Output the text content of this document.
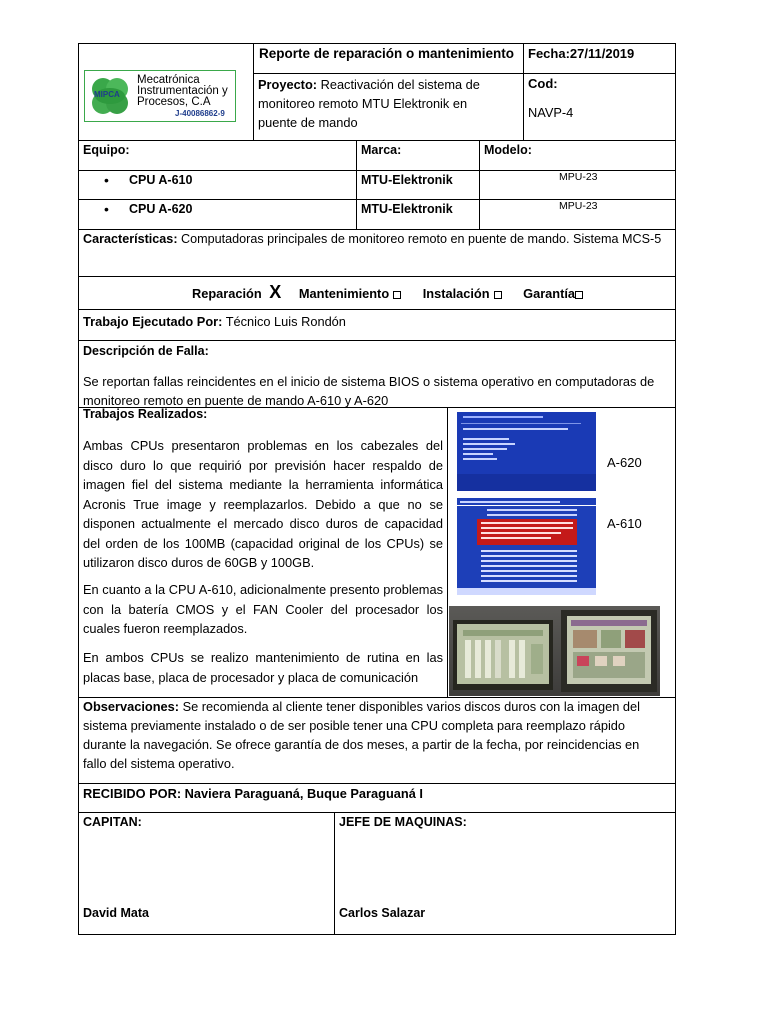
MIPCA
Mecatrónica
Instrumentación y
Procesos, C.A
J-40086862-9
Reporte de reparación o mantenimiento Fecha:27/11/2019
Proyecto: Reactivación del sistema de
monitoreo remoto MTU Elektronik en
puente de mando
Cod:
NAVP-4
Equipo:	Marca:	Modelo:
• CPU A-610	MTU-Elektronik	MPU-23
• CPU A-620	MTU-Elektronik	MPU-23
Características: Computadoras principales de monitoreo remoto en puente de mando. Sistema MCS-5
Reparación X Mantenimiento	Instalación	Garantía
Trabajo Ejecutado Por: Técnico Luis Rondón
Descripción de Falla:
Se reportan fallas reincidentes en el inicio de sistema BIOS o sistema operativo en computadoras de
monitoreo remoto en puente de mando A-610 y A-620
Trabajos Realizados:
Ambas CPUs presentaron problemas en los cabezales del disco duro lo que requirió por previsión hacer respaldo de imagen fiel del sistema mediante la herramienta informática Acronis True image y reemplazarlos. Debido a que no se disponen actualmente el mercado disco duros de capacidad del orden de los 100MB (capacidad original de los CPUs) se utilizaron disco duros de 60GB y 100GB.
En cuanto a la CPU A-610, adicionalmente presento problemas con la batería CMOS y el FAN Cooler del procesador los cuales fueron reemplazados.
En ambos CPUs se realizo mantenimiento de rutina en las placas base, placa de procesador y placa de comunicación
A-620
A-610
Observaciones: Se recomienda al cliente tener disponibles varios discos duros con la imagen del
sistema previamente instalado o de ser posible tener una CPU completa para reemplazo rápido
durante la navegación. Se ofrece garantía de dos meses, a partir de la fecha, por reincidencias en
fallo del sistema operativo.
RECIBIDO POR: Naviera Paraguaná, Buque Paraguaná I
CAPITAN:
David Mata
JEFE DE MAQUINAS:
Carlos Salazar
